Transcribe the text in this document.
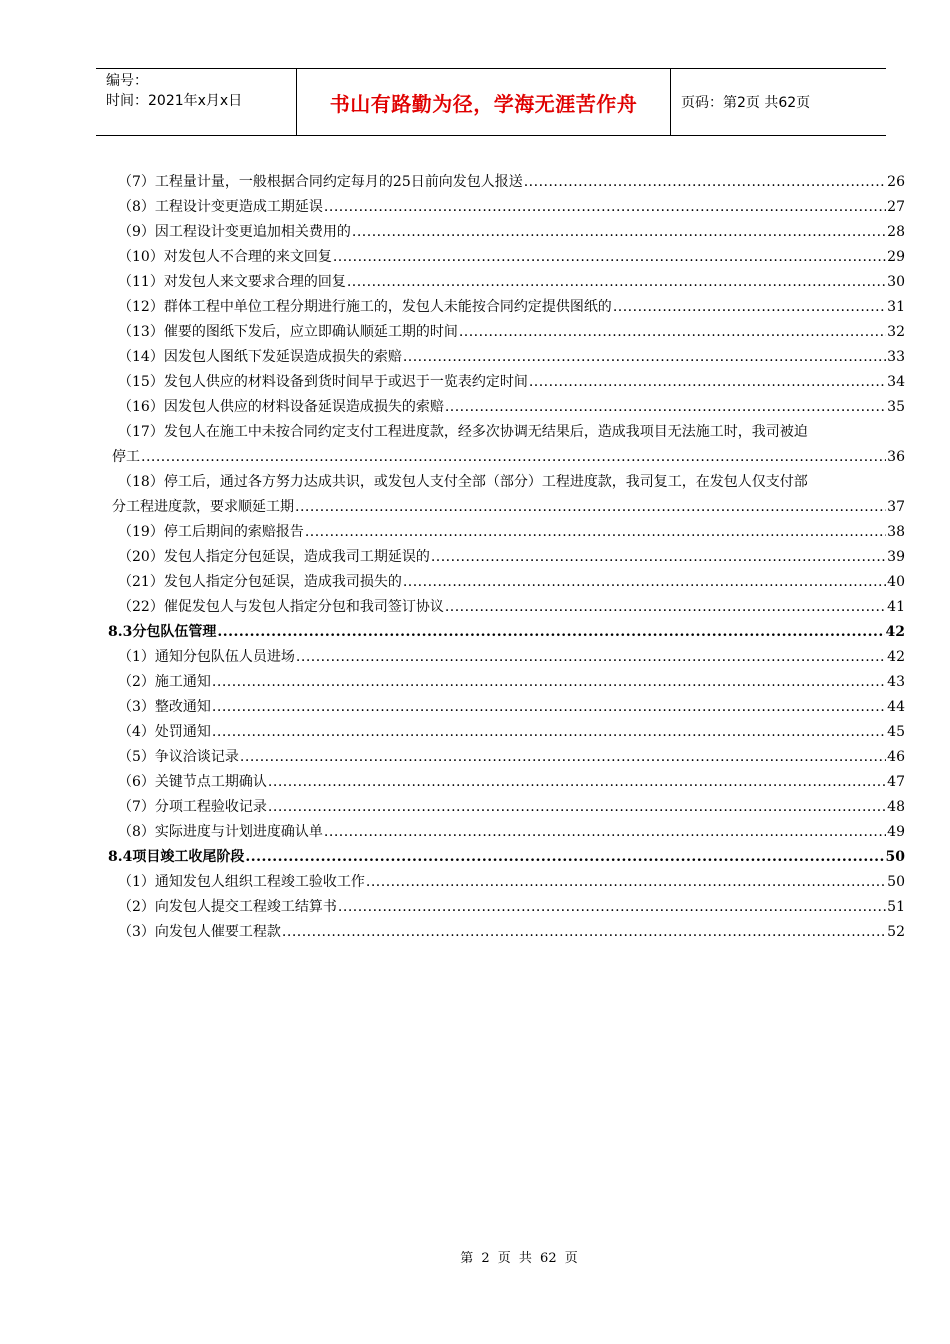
编号：
时间：2021年x月x日	书山有路勤为径，学海无涯苦作舟	页码：第2页 共62页
（7）工程量计量，一般根据合同约定每月的25日前向发包人报送 .....	26
（8）工程设计变更造成工期延误 .....	27
（9）因工程设计变更追加相关费用的 .....	28
（10）对发包人不合理的来文回复 .....	29
（11）对发包人来文要求合理的回复 .....	30
（12）群体工程中单位工程分期进行施工的，发包人未能按合同约定提供图纸的 .....	31
（13）催要的图纸下发后，应立即确认顺延工期的时间 .....	32
（14）因发包人图纸下发延误造成损失的索赔 .....	33
（15）发包人供应的材料设备到货时间早于或迟于一览表约定时间 .....	34
（16）因发包人供应的材料设备延误造成损失的索赔 .....	35
（17）发包人在施工中未按合同约定支付工程进度款，经多次协调无结果后，造成我项目无法施工时，我司被迫
停工 .....	36
（18）停工后，通过各方努力达成共识，或发包人支付全部（部分）工程进度款，我司复工，在发包人仅支付部
分工程进度款，要求顺延工期 .....	37
（19）停工后期间的索赔报告 .....	38
（20）发包人指定分包延误，造成我司工期延误的 .....	39
（21）发包人指定分包延误，造成我司损失的 .....	40
（22）催促发包人与发包人指定分包和我司签订协议 .....	41
8.3分包队伍管理 .....	42
（1）通知分包队伍人员进场 .....	42
（2）施工通知 .....	43
（3）整改通知 .....	44
（4）处罚通知 .....	45
（5）争议洽谈记录 .....	46
（6）关键节点工期确认 .....	47
（7）分项工程验收记录 .....	48
（8）实际进度与计划进度确认单 .....	49
8.4项目竣工收尾阶段 .....	50
（1）通知发包人组织工程竣工验收工作 .....	50
（2）向发包人提交工程竣工结算书 .....	51
（3）向发包人催要工程款 .....	52
第 2 页 共 62 页
